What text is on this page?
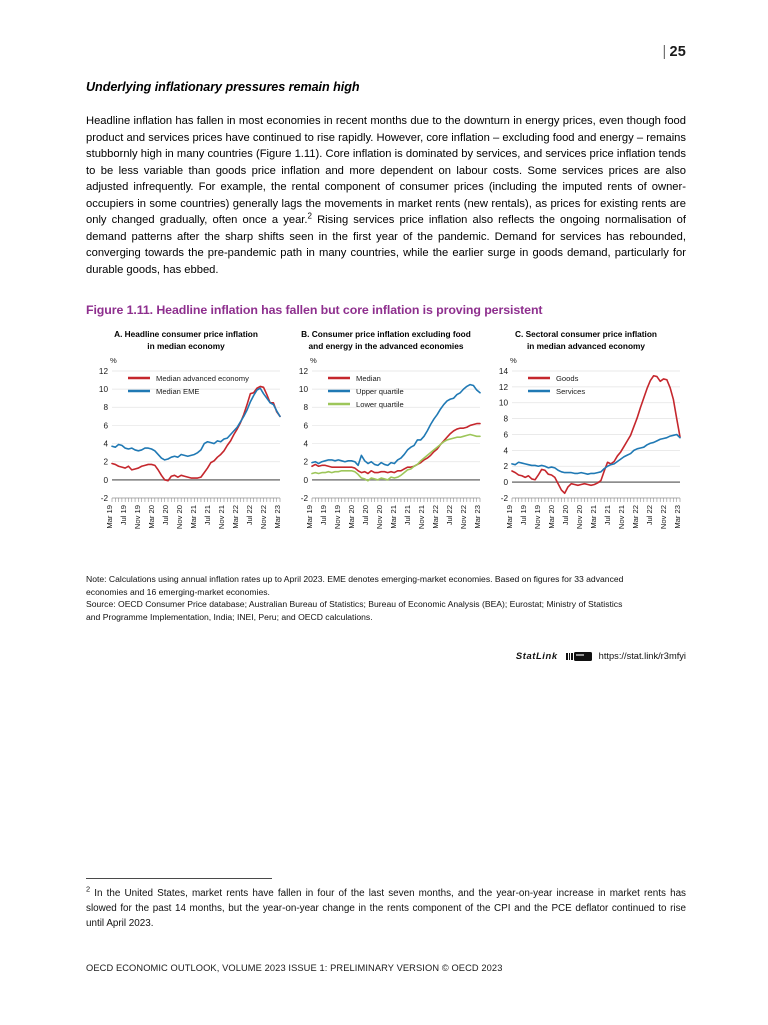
| 25
Underlying inflationary pressures remain high
Headline inflation has fallen in most economies in recent months due to the downturn in energy prices, even though food product and services prices have continued to rise rapidly. However, core inflation – excluding food and energy – remains stubbornly high in many countries (Figure 1.11). Core inflation is dominated by services, and services price inflation tends to be less variable than goods price inflation and more dependent on labour costs. Some services prices are also adjusted infrequently. For example, the rental component of consumer prices (including the imputed rents of owner-occupiers in some countries) generally lags the movements in market rents (new rentals), as prices for existing rents are only changed gradually, often once a year.$^2$ Rising services price inflation also reflects the ongoing normalisation of demand patterns after the sharp shifts seen in the first year of the pandemic. Demand for services has rebounded, converging towards the pre-pandemic path in many countries, while the earlier surge in goods demand, particularly for durable goods, has ebbed.
Figure 1.11. Headline inflation has fallen but core inflation is proving persistent
A. Headline consumer price inflation
in median economy
%
-2
0
2
4
6
8
10
12
Mar 19 Jul 19 Nov 19 Mar 20 Jul 20 Nov 20 Mar 21 Jul 21 Nov 21 Mar 22 Jul 22 Nov 22 Mar 23
Median advanced economy
Median EME
B. Consumer price inflation excluding food
and energy in the advanced economies
%
-2
0
2
4
6
8
10
12
Mar 19 Jul 19 Nov 19 Mar 20 Jul 20 Nov 20 Mar 21 Jul 21 Nov 21 Mar 22 Jul 22 Nov 22 Mar 23
Median
Upper quartile
Lower quartile
C. Sectoral consumer price inflation
in median advanced economy
%
-2
0
2
4
6
8
10
12
14
Mar 19 Jul 19 Nov 19 Mar 20 Jul 20 Nov 20 Mar 21 Jul 21 Nov 21 Mar 22 Jul 22 Nov 22 Mar 23
Goods
Services
Note: Calculations using annual inflation rates up to April 2023. EME denotes emerging-market economies. Based on figures for 33 advanced
economies and 16 emerging-market economies.
Source: OECD Consumer Price database; Australian Bureau of Statistics; Bureau of Economic Analysis (BEA); Eurostat; Ministry of Statistics
and Programme Implementation, India; INEI, Peru; and OECD calculations.
StatLink	https://stat.link/r3mfyi
$^2$ In the United States, market rents have fallen in four of the last seven months, and the year-on-year increase in market rents has slowed for the past 14 months, but the year-on-year change in the rents component of the CPI and the PCE deflator continued to rise until April 2023.
OECD ECONOMIC OUTLOOK, VOLUME 2023 ISSUE 1: PRELIMINARY VERSION © OECD 2023
